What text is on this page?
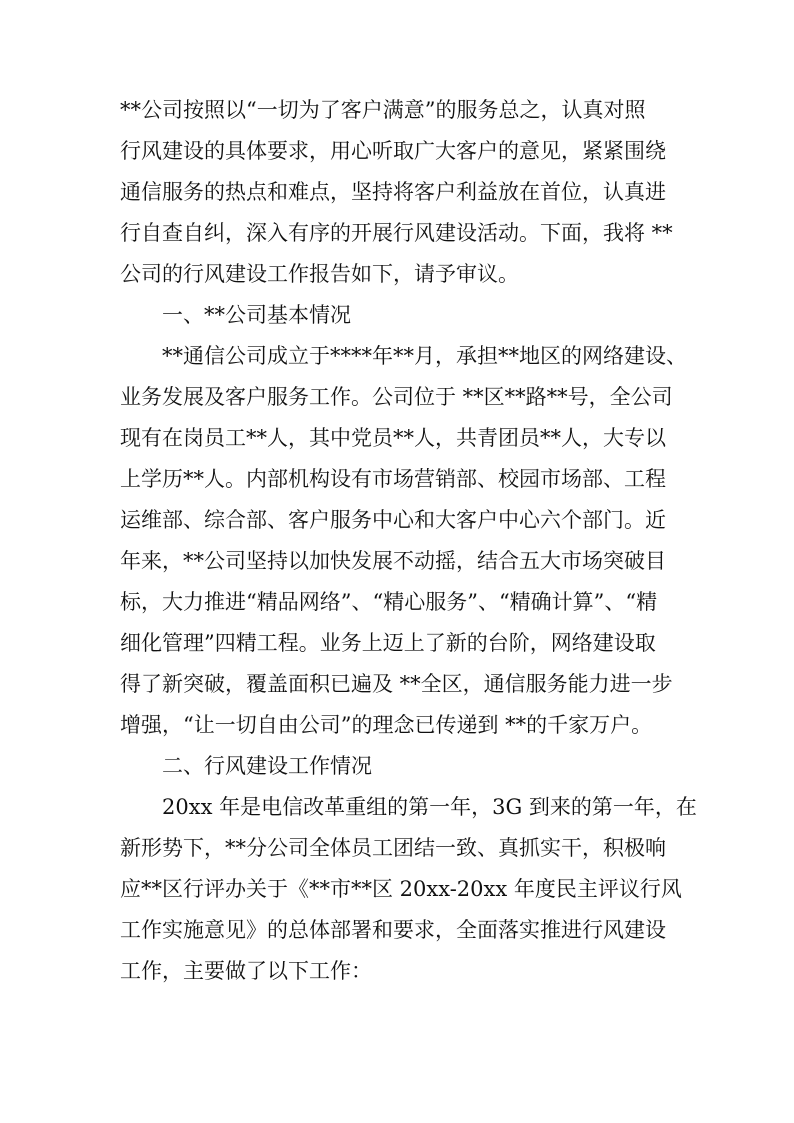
**公司按照以“一切为了客户满意”的服务总之，认真对照
行风建设的具体要求，用心听取广大客户的意见，紧紧围绕
通信服务的热点和难点，坚持将客户利益放在首位，认真进
行自查自纠，深入有序的开展行风建设活动。下面，我将 **
公司的行风建设工作报告如下，请予审议。
一、**公司基本情况
**通信公司成立于****年**月，承担**地区的网络建设、
业务发展及客户服务工作。公司位于 **区**路**号，全公司
现有在岗员工**人，其中党员**人，共青团员**人，大专以
上学历**人。内部机构设有市场营销部、校园市场部、工程
运维部、综合部、客户服务中心和大客户中心六个部门。近
年来，**公司坚持以加快发展不动摇，结合五大市场突破目
标，大力推进“精品网络”、“精心服务”、“精确计算”、“精
细化管理”四精工程。业务上迈上了新的台阶，网络建设取
得了新突破，覆盖面积已遍及 **全区，通信服务能力进一步
增强，“让一切自由公司”的理念已传递到 **的千家万户。
二、行风建设工作情况
20xx 年是电信改革重组的第一年，3G 到来的第一年，在
新形势下，**分公司全体员工团结一致、真抓实干，积极响
应**区行评办关于《**市**区 20xx-20xx 年度民主评议行风
工作实施意见》的总体部署和要求，全面落实推进行风建设
工作，主要做了以下工作：
